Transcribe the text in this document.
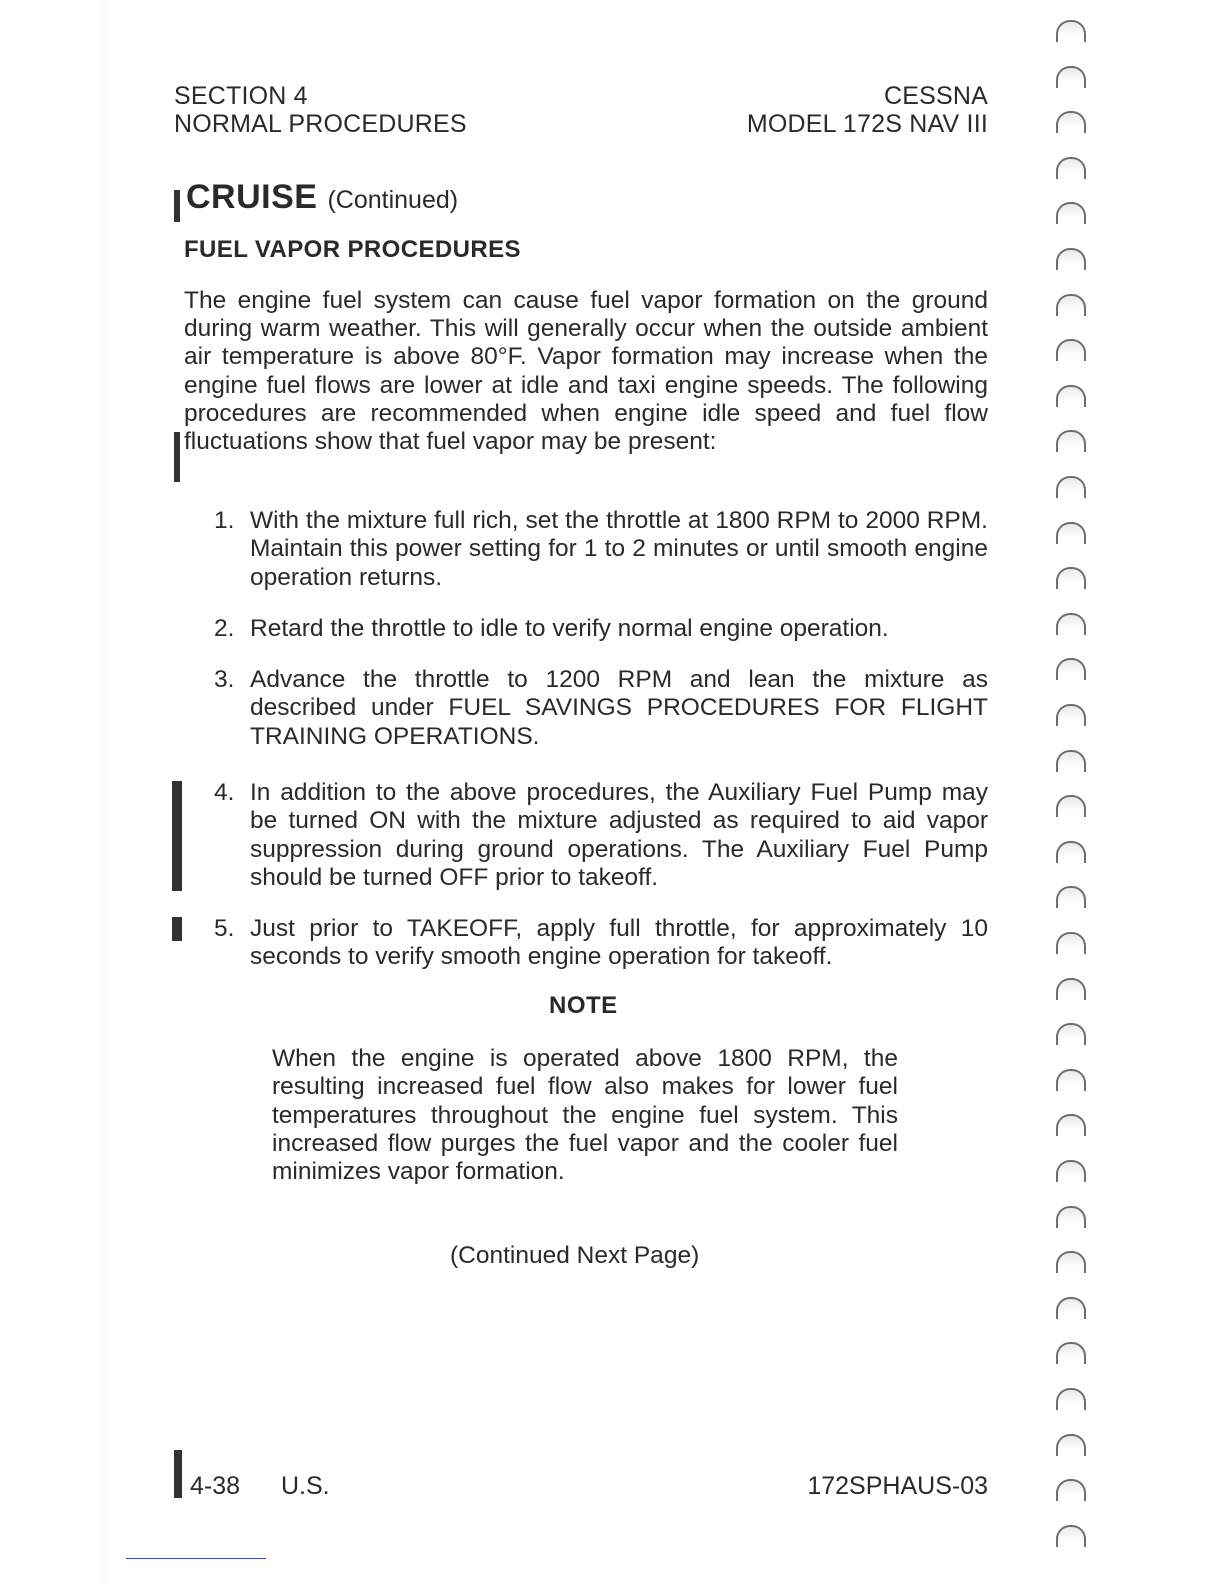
SECTION 4
NORMAL PROCEDURES
CESSNA
MODEL 172S NAV III
CRUISE (Continued)
FUEL VAPOR PROCEDURES
The engine fuel system can cause fuel vapor formation on the ground during warm weather. This will generally occur when the outside ambient air temperature is above 80°F. Vapor formation may increase when the engine fuel flows are lower at idle and taxi engine speeds. The following procedures are recommended when engine idle speed and fuel flow fluctuations show that fuel vapor may be present:
1. With the mixture full rich, set the throttle at 1800 RPM to 2000 RPM. Maintain this power setting for 1 to 2 minutes or until smooth engine operation returns.
2. Retard the throttle to idle to verify normal engine operation.
3. Advance the throttle to 1200 RPM and lean the mixture as described under FUEL SAVINGS PROCEDURES FOR FLIGHT TRAINING OPERATIONS.
4. In addition to the above procedures, the Auxiliary Fuel Pump may be turned ON with the mixture adjusted as required to aid vapor suppression during ground operations. The Auxiliary Fuel Pump should be turned OFF prior to takeoff.
5. Just prior to TAKEOFF, apply full throttle, for approximately 10 seconds to verify smooth engine operation for takeoff.
NOTE
When the engine is operated above 1800 RPM, the resulting increased fuel flow also makes for lower fuel temperatures throughout the engine fuel system. This increased flow purges the fuel vapor and the cooler fuel minimizes vapor formation.
(Continued Next Page)
4-38 U.S.	172SPHAUS-03
